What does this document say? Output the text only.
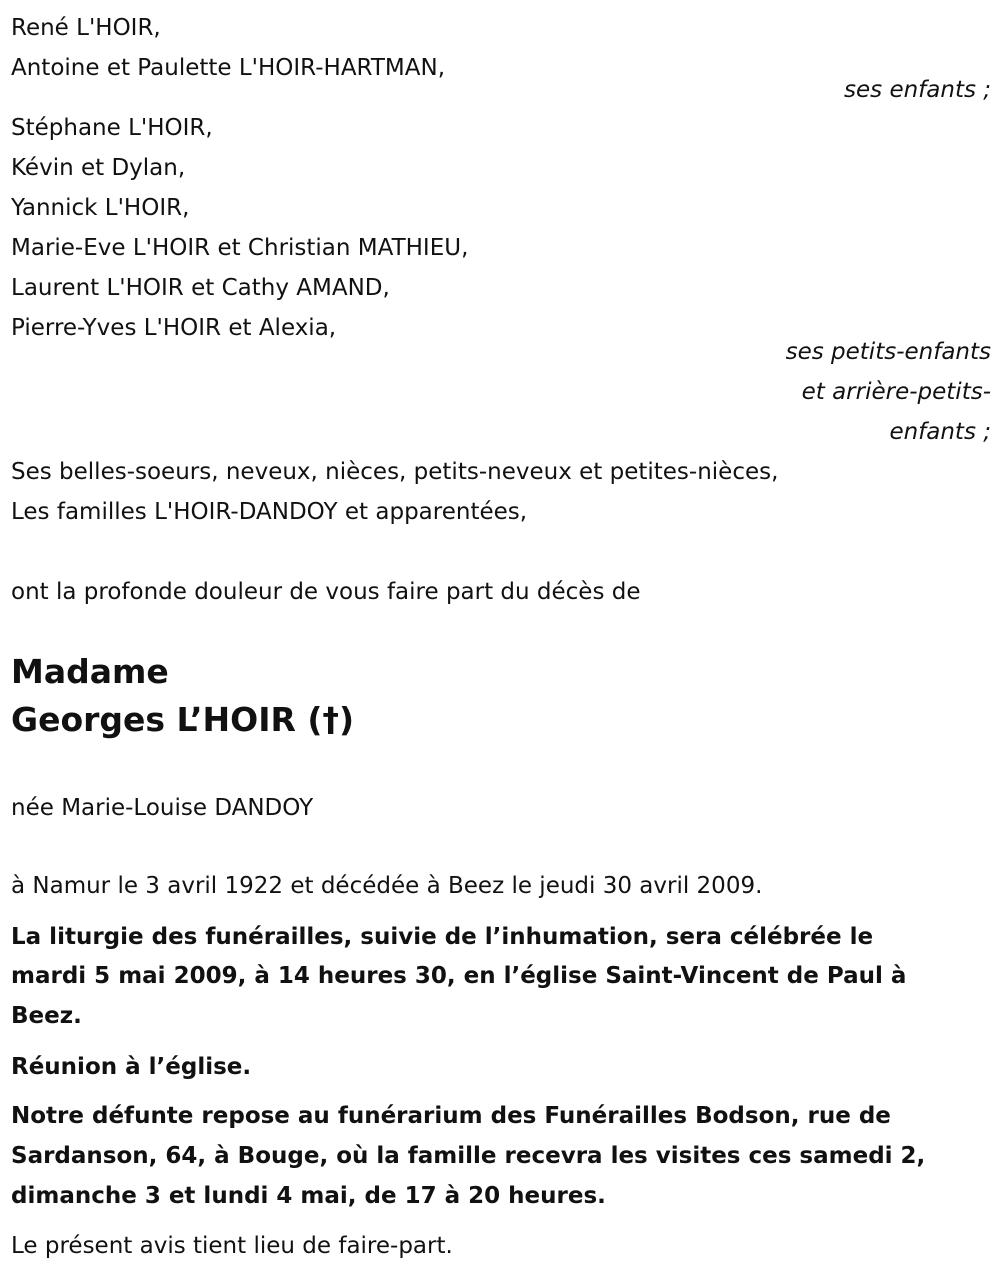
René L'HOIR,
Antoine et Paulette L'HOIR-HARTMAN,
ses enfants ;
Stéphane L'HOIR,
Kévin et Dylan,
Yannick L'HOIR,
Marie-Eve L'HOIR et Christian MATHIEU,
Laurent L'HOIR et Cathy AMAND,
Pierre-Yves L'HOIR et Alexia,
ses petits-enfants
et arrière-petits-
enfants ;
Ses belles-soeurs, neveux, nièces, petits-neveux et petites-nièces,
Les familles L'HOIR-DANDOY et apparentées,
ont la profonde douleur de vous faire part du décès de
Madame
Georges L’HOIR (†)
née Marie-Louise DANDOY
à Namur le 3 avril 1922 et décédée à Beez le jeudi 30 avril 2009.
La liturgie des funérailles, suivie de l’inhumation, sera célébrée le
mardi 5 mai 2009, à 14 heures 30, en l’église Saint-Vincent de Paul à
Beez.
Réunion à l’église.
Notre défunte repose au funérarium des Funérailles Bodson, rue de
Sardanson, 64, à Bouge, où la famille recevra les visites ces samedi 2,
dimanche 3 et lundi 4 mai, de 17 à 20 heures.
Le présent avis tient lieu de faire-part.
